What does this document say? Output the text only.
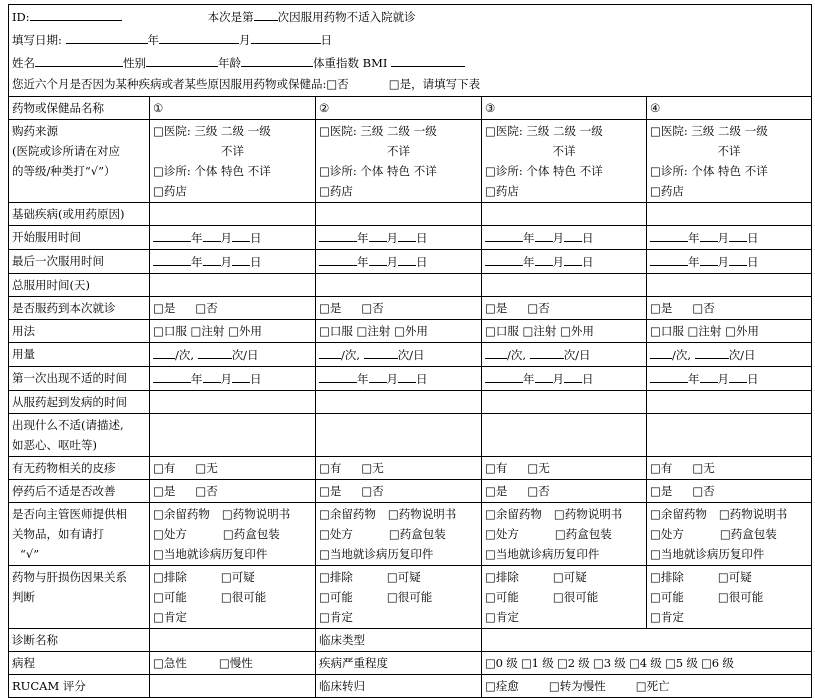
ID: 本次是第 次因服用药物不适入院就诊				
填写日期: 年 月 日				
姓名 性别 年龄 体重指数 BMI				
您近六个月是否因为某种疾病或者某些原因服用药物或保健品:□否 □是，请填写下表				
药物或保健品名称	①	②	③	④

购药来源
(医院或诊所请在对应
的等级/种类打“√”）	□医院: 三级 二级 一级
不详
□诊所: 个体 特色 不详
□药店	□医院: 三级 二级 一级
不详
□诊所: 个体 特色 不详
□药店	□医院: 三级 二级 一级
不详
□诊所: 个体 特色 不详
□药店	□医院: 三级 二级 一级
不详
□诊所: 个体 特色 不详
□药店

基础疾病(或用药原因)				
开始服用时间	年 月 日	年 月 日	年 月 日	年 月 日
最后一次服用时间	年 月 日	年 月 日	年 月 日	年 月 日
总服用时间(天)				
是否服药到本次就诊	□是 □否	□是 □否	□是 □否	□是 □否
用法	□口服 □注射 □外用	□口服 □注射 □外用	□口服 □注射 □外用	□口服 □注射 □外用
用量	/次, 次/日	/次, 次/日	/次, 次/日	/次, 次/日
第一次出现不适的时间	年 月 日	年 月 日	年 月 日	年 月 日
从服药起到发病的时间				

出现什么不适(请描述,
如恶心、呕吐等)				

有无药物相关的皮疹	□有 □无	□有 □无	□有 □无	□有 □无
停药后不适是否改善	□是 □否	□是 □否	□是 □否	□是 □否

是否向主管医师提供相
关物品，如有请打
“√”	□余留药物 □药物说明书
□处方 □药盒包装
□当地就诊病历复印件	□余留药物 □药物说明书
□处方 □药盒包装
□当地就诊病历复印件	□余留药物 □药物说明书
□处方 □药盒包装
□当地就诊病历复印件	□余留药物 □药物说明书
□处方 □药盒包装
□当地就诊病历复印件

药物与肝损伤因果关系
判断	□排除 □可疑
□可能 □很可能
□肯定	□排除 □可疑
□可能 □很可能
□肯定	□排除 □可疑
□可能 □很可能
□肯定	□排除 □可疑
□可能 □很可能
□肯定

诊断名称		临床类型		
病程	□急性 □慢性	疾病严重程度	□0 级 □1 级 □2 级 □3 级 □4 级 □5 级 □6 级	
RUCAM 评分		临床转归	□痊愈 □转为慢性 □死亡	
